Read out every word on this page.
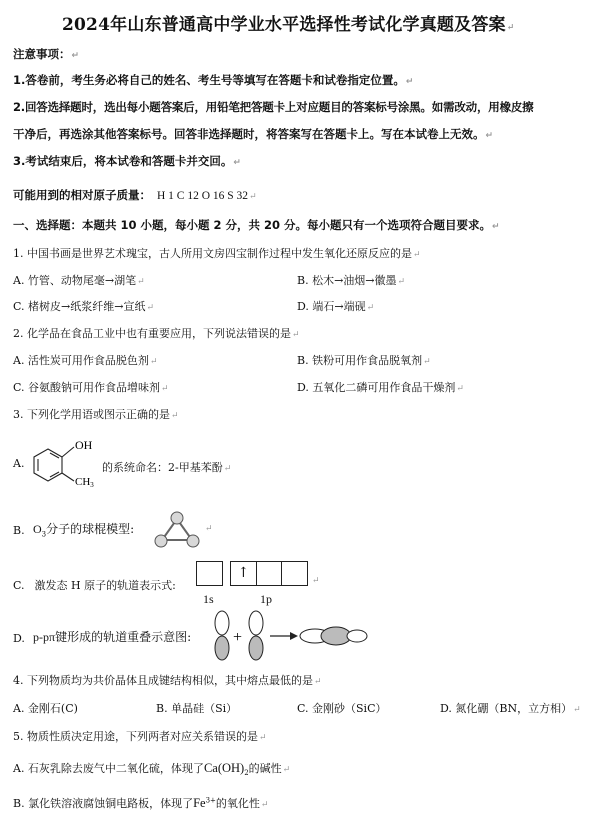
2024年山东普通高中学业水平选择性考试化学真题及答案↵
注意事项：↵
1.答卷前，考生务必将自己的姓名、考生号等填写在答题卡和试卷指定位置。↵
2.回答选择题时，选出每小题答案后，用铅笔把答题卡上对应题目的答案标号涂黑。如需改动，用橡皮擦
干净后，再选涂其他答案标号。回答非选择题时，将答案写在答题卡上。写在本试卷上无效。↵
3.考试结束后，将本试卷和答题卡并交回。↵
可能用到的相对原子质量： H 1 C 12 O 16 S 32↵
一、选择题：本题共 10 小题，每小题 2 分，共 20 分。每小题只有一个选项符合题目要求。↵
1. 中国书画是世界艺术瑰宝，古人所用文房四宝制作过程中发生氧化还原反应的是↵
A. 竹管、动物尾毫→湖笔↵	B. 松木→油烟→徽墨↵
C. 楮树皮→纸浆纤维→宣纸↵	D. 端石→端砚↵
2. 化学品在食品工业中也有重要应用，下列说法错误的是↵
A. 活性炭可用作食品脱色剂↵	B. 铁粉可用作食品脱氧剂↵
C. 谷氨酸钠可用作食品增味剂↵	D. 五氧化二磷可用作食品干燥剂↵
3. 下列化学用语或图示正确的是↵
A.
OH
CH3
的系统命名：2-甲基苯酚↵
B. $O_3$分子的球棍模型:	↵
C. 激发态 H 原子的轨道表示式:
↑	↵
1s	1p
D. p-pπ键形成的轨道重叠示意图:	+
4. 下列物质均为共价晶体且成键结构相似，其中熔点最低的是↵
A. 金刚石(C)	B. 单晶硅（Si）	C. 金刚砂（SiC）	D. 氮化硼（BN，立方相）↵
5. 物质性质决定用途，下列两者对应关系错误的是↵
A. 石灰乳除去废气中二氧化硫，体现了$Ca(OH)_2$的碱性↵
B. 氯化铁溶液腐蚀铜电路板，体现了$Fe^{3+}$的氧化性↵
